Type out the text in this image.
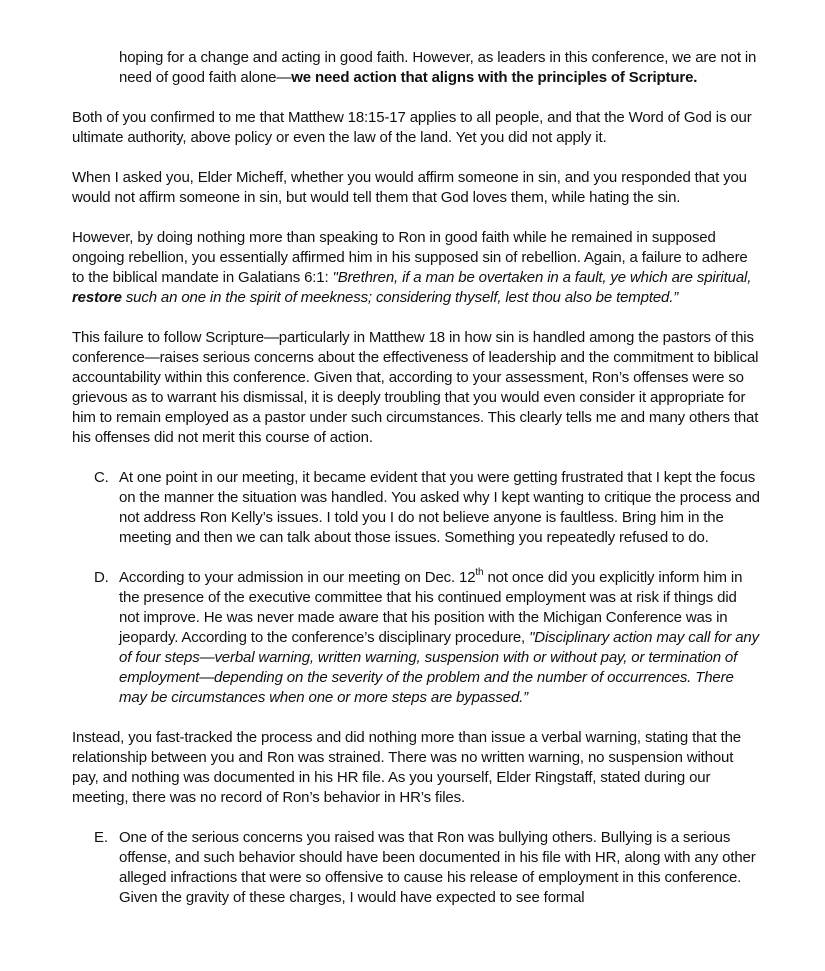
hoping for a change and acting in good faith. However, as leaders in this conference, we are not in need of good faith alone—we need action that aligns with the principles of Scripture.

Both of you confirmed to me that Matthew 18:15-17 applies to all people, and that the Word of God is our ultimate authority, above policy or even the law of the land. Yet you did not apply it.

When I asked you, Elder Micheff, whether you would affirm someone in sin, and you responded that you would not affirm someone in sin, but would tell them that God loves them, while hating the sin.

However, by doing nothing more than speaking to Ron in good faith while he remained in supposed ongoing rebellion, you essentially affirmed him in his supposed sin of rebellion. Again, a failure to adhere to the biblical mandate in Galatians 6:1: "Brethren, if a man be overtaken in a fault, ye which are spiritual, restore such an one in the spirit of meekness; considering thyself, lest thou also be tempted.”

This failure to follow Scripture—particularly in Matthew 18 in how sin is handled among the pastors of this conference—raises serious concerns about the effectiveness of leadership and the commitment to biblical accountability within this conference. Given that, according to your assessment, Ron’s offenses were so grievous as to warrant his dismissal, it is deeply troubling that you would even consider it appropriate for him to remain employed as a pastor under such circumstances. This clearly tells me and many others that his offenses did not merit this course of action.

C. At one point in our meeting, it became evident that you were getting frustrated that I kept the focus on the manner the situation was handled. You asked why I kept wanting to critique the process and not address Ron Kelly’s issues. I told you I do not believe anyone is faultless. Bring him in the meeting and then we can talk about those issues. Something you repeatedly refused to do.
D. According to your admission in our meeting on Dec. 12th not once did you explicitly inform him in the presence of the executive committee that his continued employment was at risk if things did not improve. He was never made aware that his position with the Michigan Conference was in jeopardy. According to the conference’s disciplinary procedure, "Disciplinary action may call for any of four steps—verbal warning, written warning, suspension with or without pay, or termination of employment—depending on the severity of the problem and the number of occurrences. There may be circumstances when one or more steps are bypassed.”

Instead, you fast-tracked the process and did nothing more than issue a verbal warning, stating that the relationship between you and Ron was strained. There was no written warning, no suspension without pay, and nothing was documented in his HR file. As you yourself, Elder Ringstaff, stated during our meeting, there was no record of Ron’s behavior in HR’s files.

E. One of the serious concerns you raised was that Ron was bullying others. Bullying is a serious offense, and such behavior should have been documented in his file with HR, along with any other alleged infractions that were so offensive to cause his release of employment in this conference. Given the gravity of these charges, I would have expected to see formal
